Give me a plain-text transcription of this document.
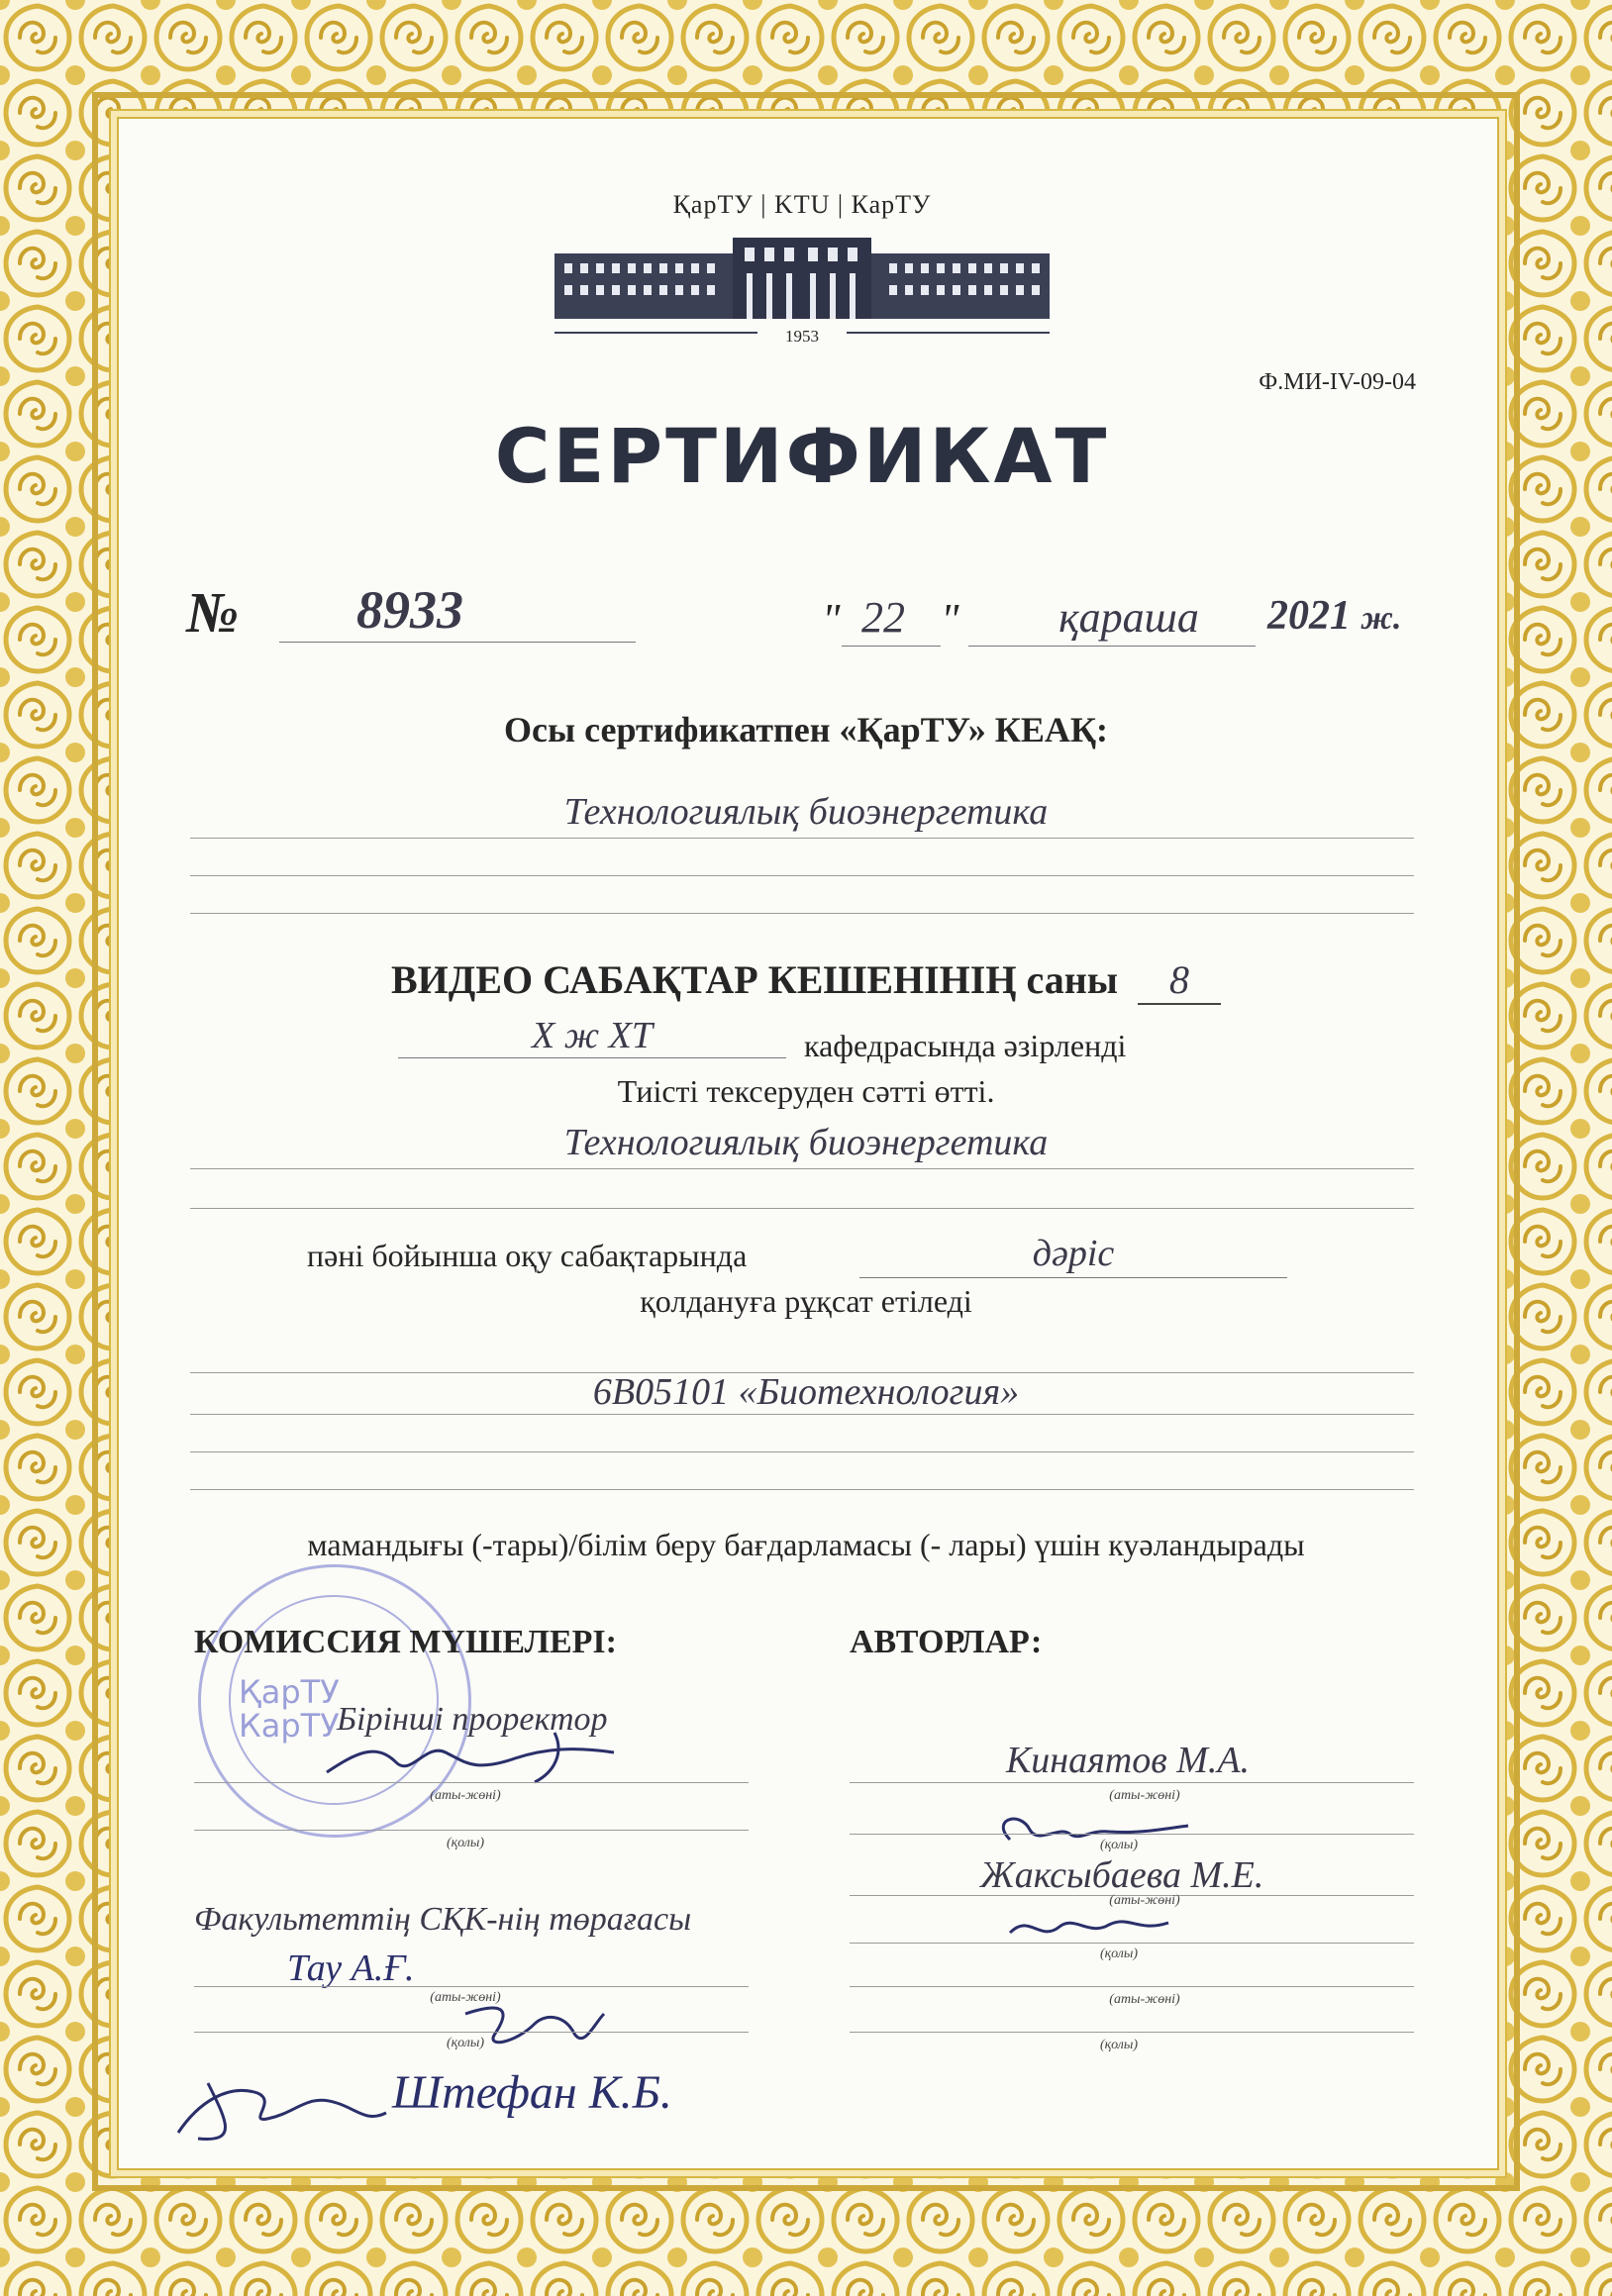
ҚарТУ | KTU | КарТУ
1953
Ф.МИ-IV-09-04
СЕРТИФИКАТ
№ 8933	" 22 "	қараша	2021 ж.
Осы сертификатпен «ҚарТУ» КЕАҚ:
Технологиялық биоэнергетика
ВИДЕО САБАҚТАР КЕШЕНІНІҢ саны 8
Х ж ХТ	кафедрасында әзірленді
Тиісті тексеруден сәтті өтті.
Технологиялық биоэнергетика
пәні бойынша оқу сабақтарында	дәріс
қолдануға рұқсат етіледі
6В05101 «Биотехнология»
мамандығы (-тары)/білім беру бағдарламасы (- лары) үшін куәландырады
ҚарТУ
КарТУ
КОМИССИЯ МҮШЕЛЕРІ:
Бірінші проректор
(аты-жөні)
(қолы)
Факультеттің СҚК-нің төрағасы
Тау А.Ғ.
(аты-жөні)
(қолы)
Штефан К.Б.
АВТОРЛАР:
Кинаятов М.А.
(аты-жөні)
(қолы)
Жаксыбаева М.Е.
(аты-жөні)
(қолы)
(аты-жөні)
(қолы)
